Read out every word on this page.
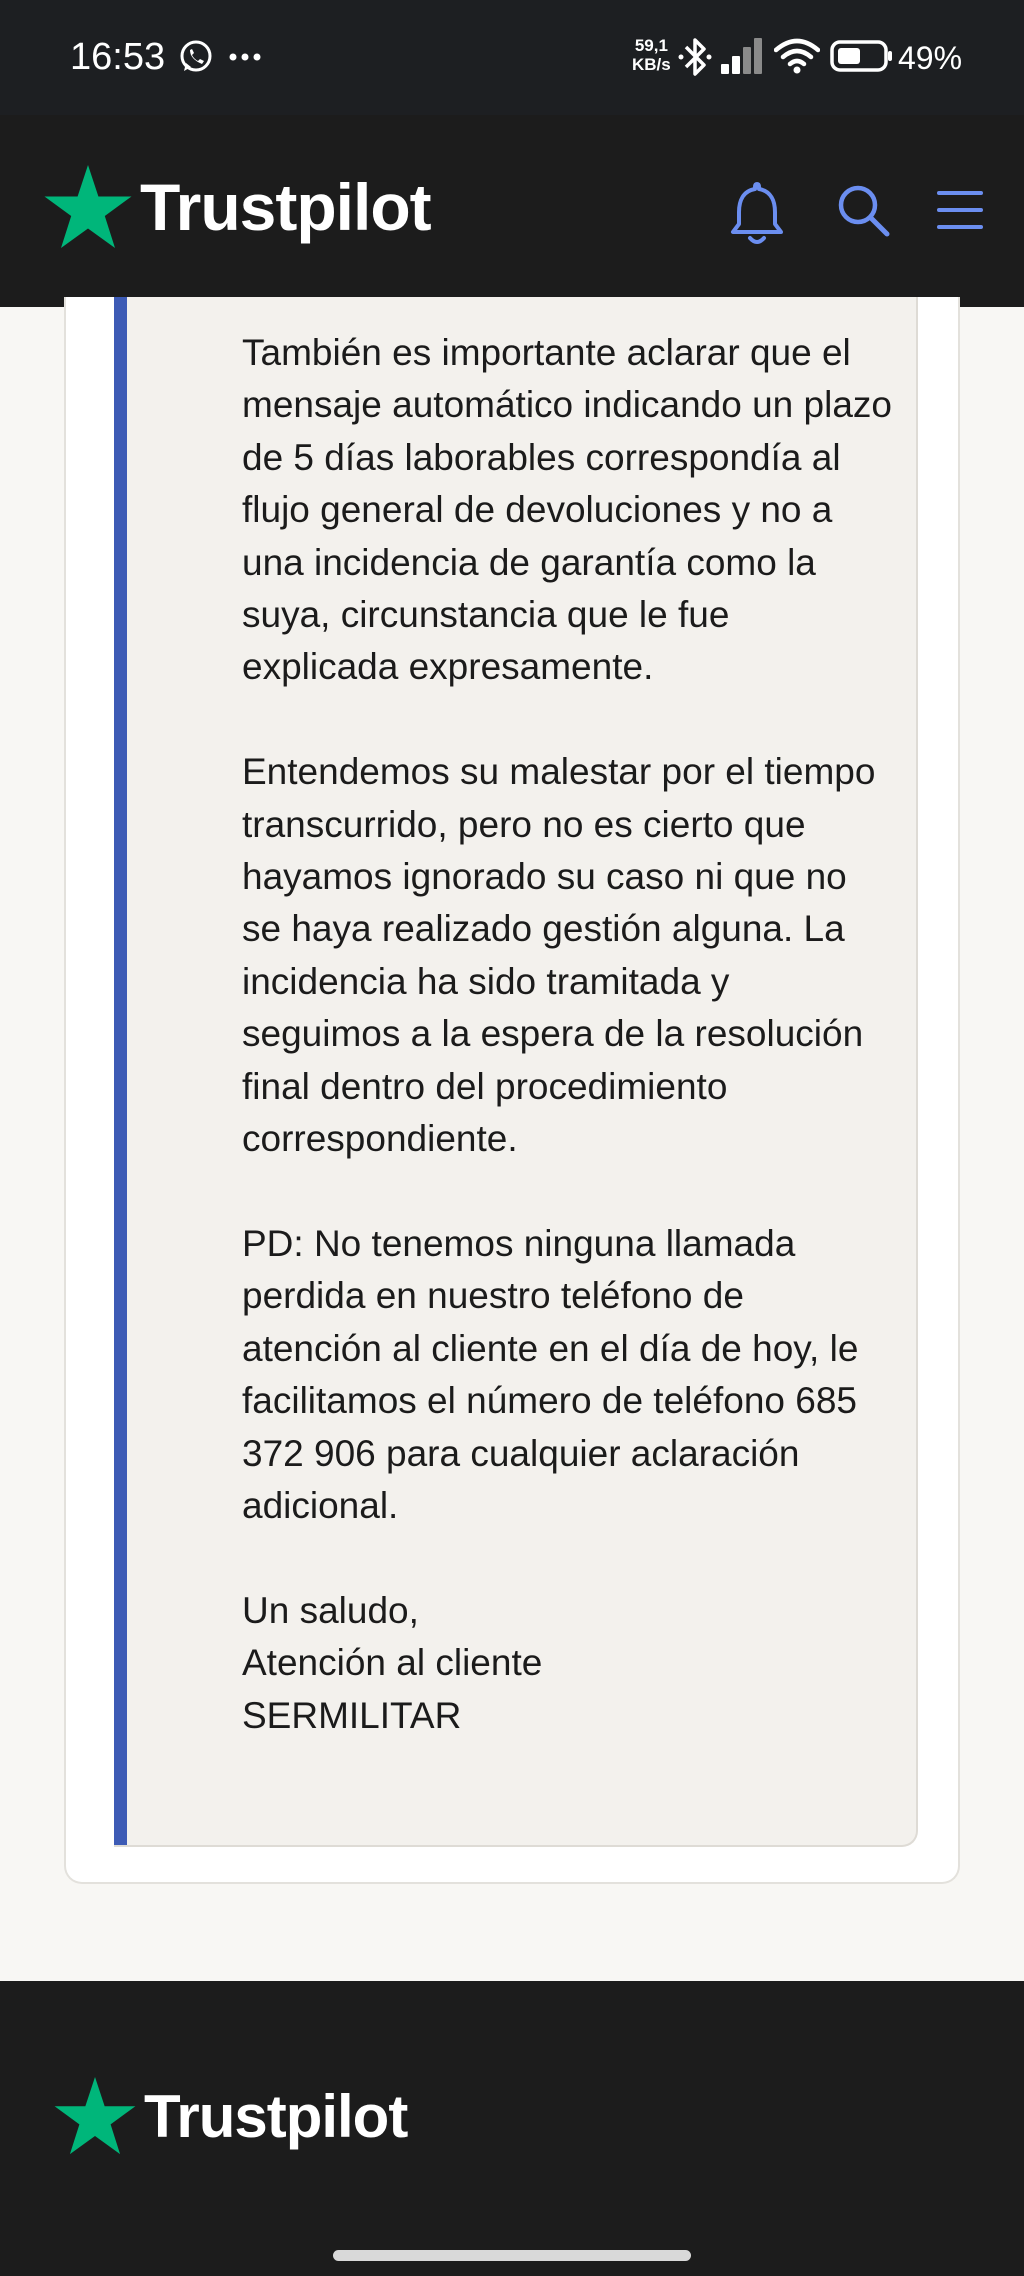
16:53	59,1
KB/s	49%
Trustpilot

También es importante aclarar que el mensaje automático indicando un plazo de 5 días laborables correspondía al flujo general de devoluciones y no a una incidencia de garantía como la suya, circunstancia que le fue explicada expresamente.

Entendemos su malestar por el tiempo transcurrido, pero no es cierto que hayamos ignorado su caso ni que no se haya realizado gestión alguna. La incidencia ha sido tramitada y seguimos a la espera de la resolución final dentro del procedimiento correspondiente.

PD: No tenemos ninguna llamada perdida en nuestro teléfono de atención al cliente en el día de hoy, le facilitamos el número de teléfono 685 372 906 para cualquier aclaración adicional.

Un saludo,
Atención al cliente
SERMILITAR
Trustpilot
